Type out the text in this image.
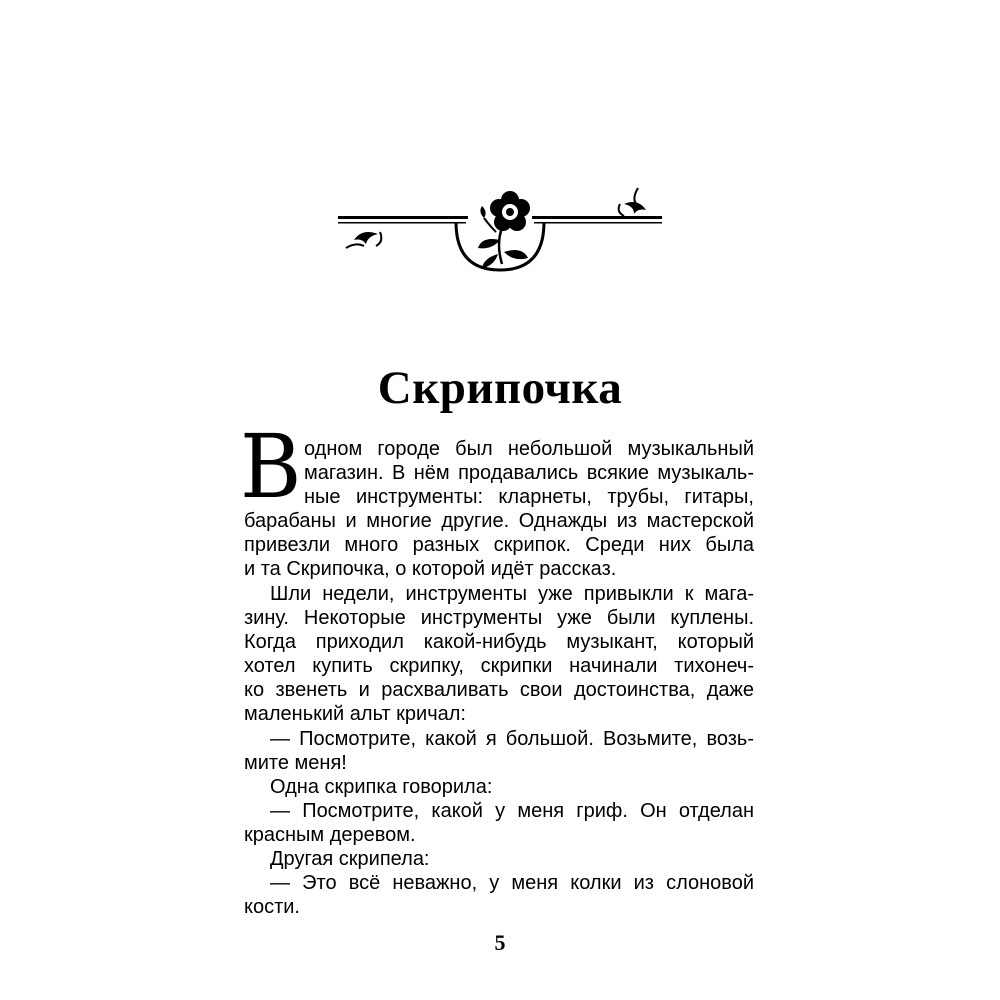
Скрипочка
В одном городе был небольшой музыкальный
магазин. В нём продавались всякие музыкаль-
ные инструменты: кларнеты, трубы, гитары,
барабаны и многие другие. Однажды из мастерской
привезли много разных скрипок. Среди них была
и та Скрипочка, о которой идёт рассказ.
Шли недели, инструменты уже привыкли к мага-
зину. Некоторые инструменты уже были куплены.
Когда приходил какой-нибудь музыкант, который
хотел купить скрипку, скрипки начинали тихонеч-
ко звенеть и расхваливать свои достоинства, даже
маленький альт кричал:
— Посмотрите, какой я большой. Возьмите, возь-
мите меня!
Одна скрипка говорила:
— Посмотрите, какой у меня гриф. Он отделан
красным деревом.
Другая скрипела:
— Это всё неважно, у меня колки из слоновой
кости.
5
